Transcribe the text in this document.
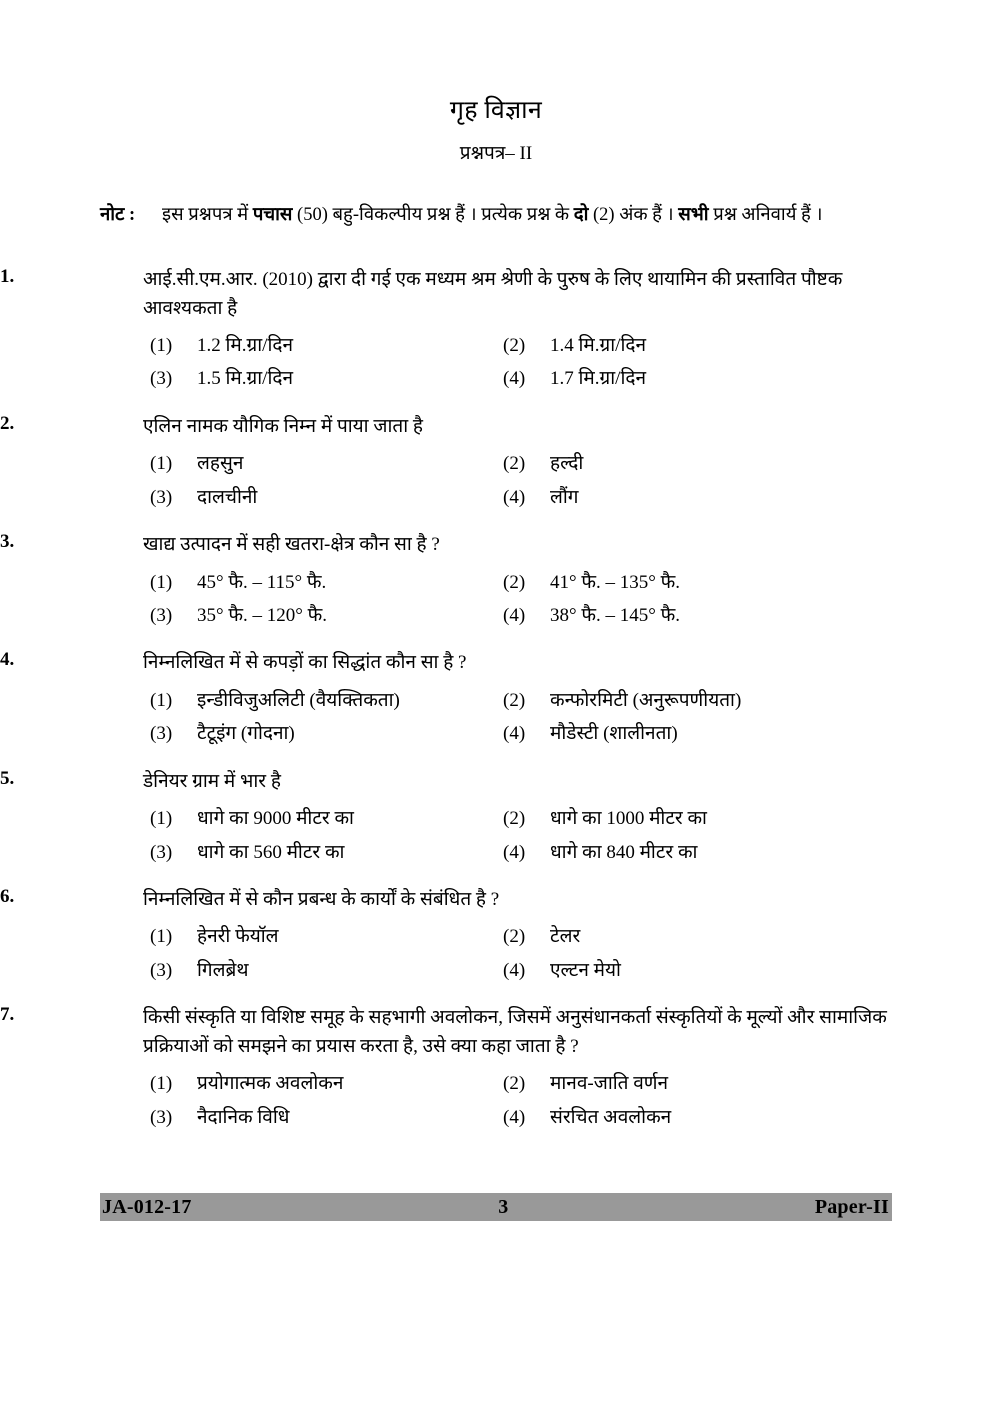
गृह विज्ञान
प्रश्नपत्र– II
नोट : इस प्रश्नपत्र में पचास (50) बहु-विकल्पीय प्रश्न हैं । प्रत्येक प्रश्न के दो (2) अंक हैं । सभी प्रश्न अनिवार्य हैं ।
1.	आई.सी.एम.आर. (2010) द्वारा दी गई एक मध्यम श्रम श्रेणी के पुरुष के लिए थायामिन की प्रस्तावित पौष्टक
आवश्यकता है
(1)	1.2 मि.ग्रा/दिन	(2)	1.4 मि.ग्रा/दिन
(3)	1.5 मि.ग्रा/दिन	(4)	1.7 मि.ग्रा/दिन
2.	एलिन नामक यौगिक निम्न में पाया जाता है
(1)	लहसुन	(2)	हल्दी
(3)	दालचीनी	(4)	लौंग
3.	खाद्य उत्पादन में सही खतरा-क्षेत्र कौन सा है ?
(1)	45° फै. – 115° फै.	(2)	41° फै. – 135° फै.
(3)	35° फै. – 120° फै.	(4)	38° फै. – 145° फै.
4.	निम्नलिखित में से कपड़ों का सिद्धांत कौन सा है ?
(1)	इन्डीविजुअलिटी (वैयक्तिकता)	(2)	कन्फोरमिटी (अनुरूपणीयता)
(3)	टैटूइंग (गोदना)	(4)	मौडेस्टी (शालीनता)
5.	डेनियर ग्राम में भार है
(1)	धागे का 9000 मीटर का	(2)	धागे का 1000 मीटर का
(3)	धागे का 560 मीटर का	(4)	धागे का 840 मीटर का
6.	निम्नलिखित में से कौन प्रबन्ध के कार्यों के संबंधित है ?
(1)	हेनरी फेयॉल	(2)	टेलर
(3)	गिलब्रेथ	(4)	एल्टन मेयो
7.	किसी संस्कृति या विशिष्ट समूह के सहभागी अवलोकन, जिसमें अनुसंधानकर्ता संस्कृतियों के मूल्यों और सामाजिक
प्रक्रियाओं को समझने का प्रयास करता है, उसे क्या कहा जाता है ?
(1)	प्रयोगात्मक अवलोकन	(2)	मानव-जाति वर्णन
(3)	नैदानिक विधि	(4)	संरचित अवलोकन
JA-012-17	3	Paper-II
